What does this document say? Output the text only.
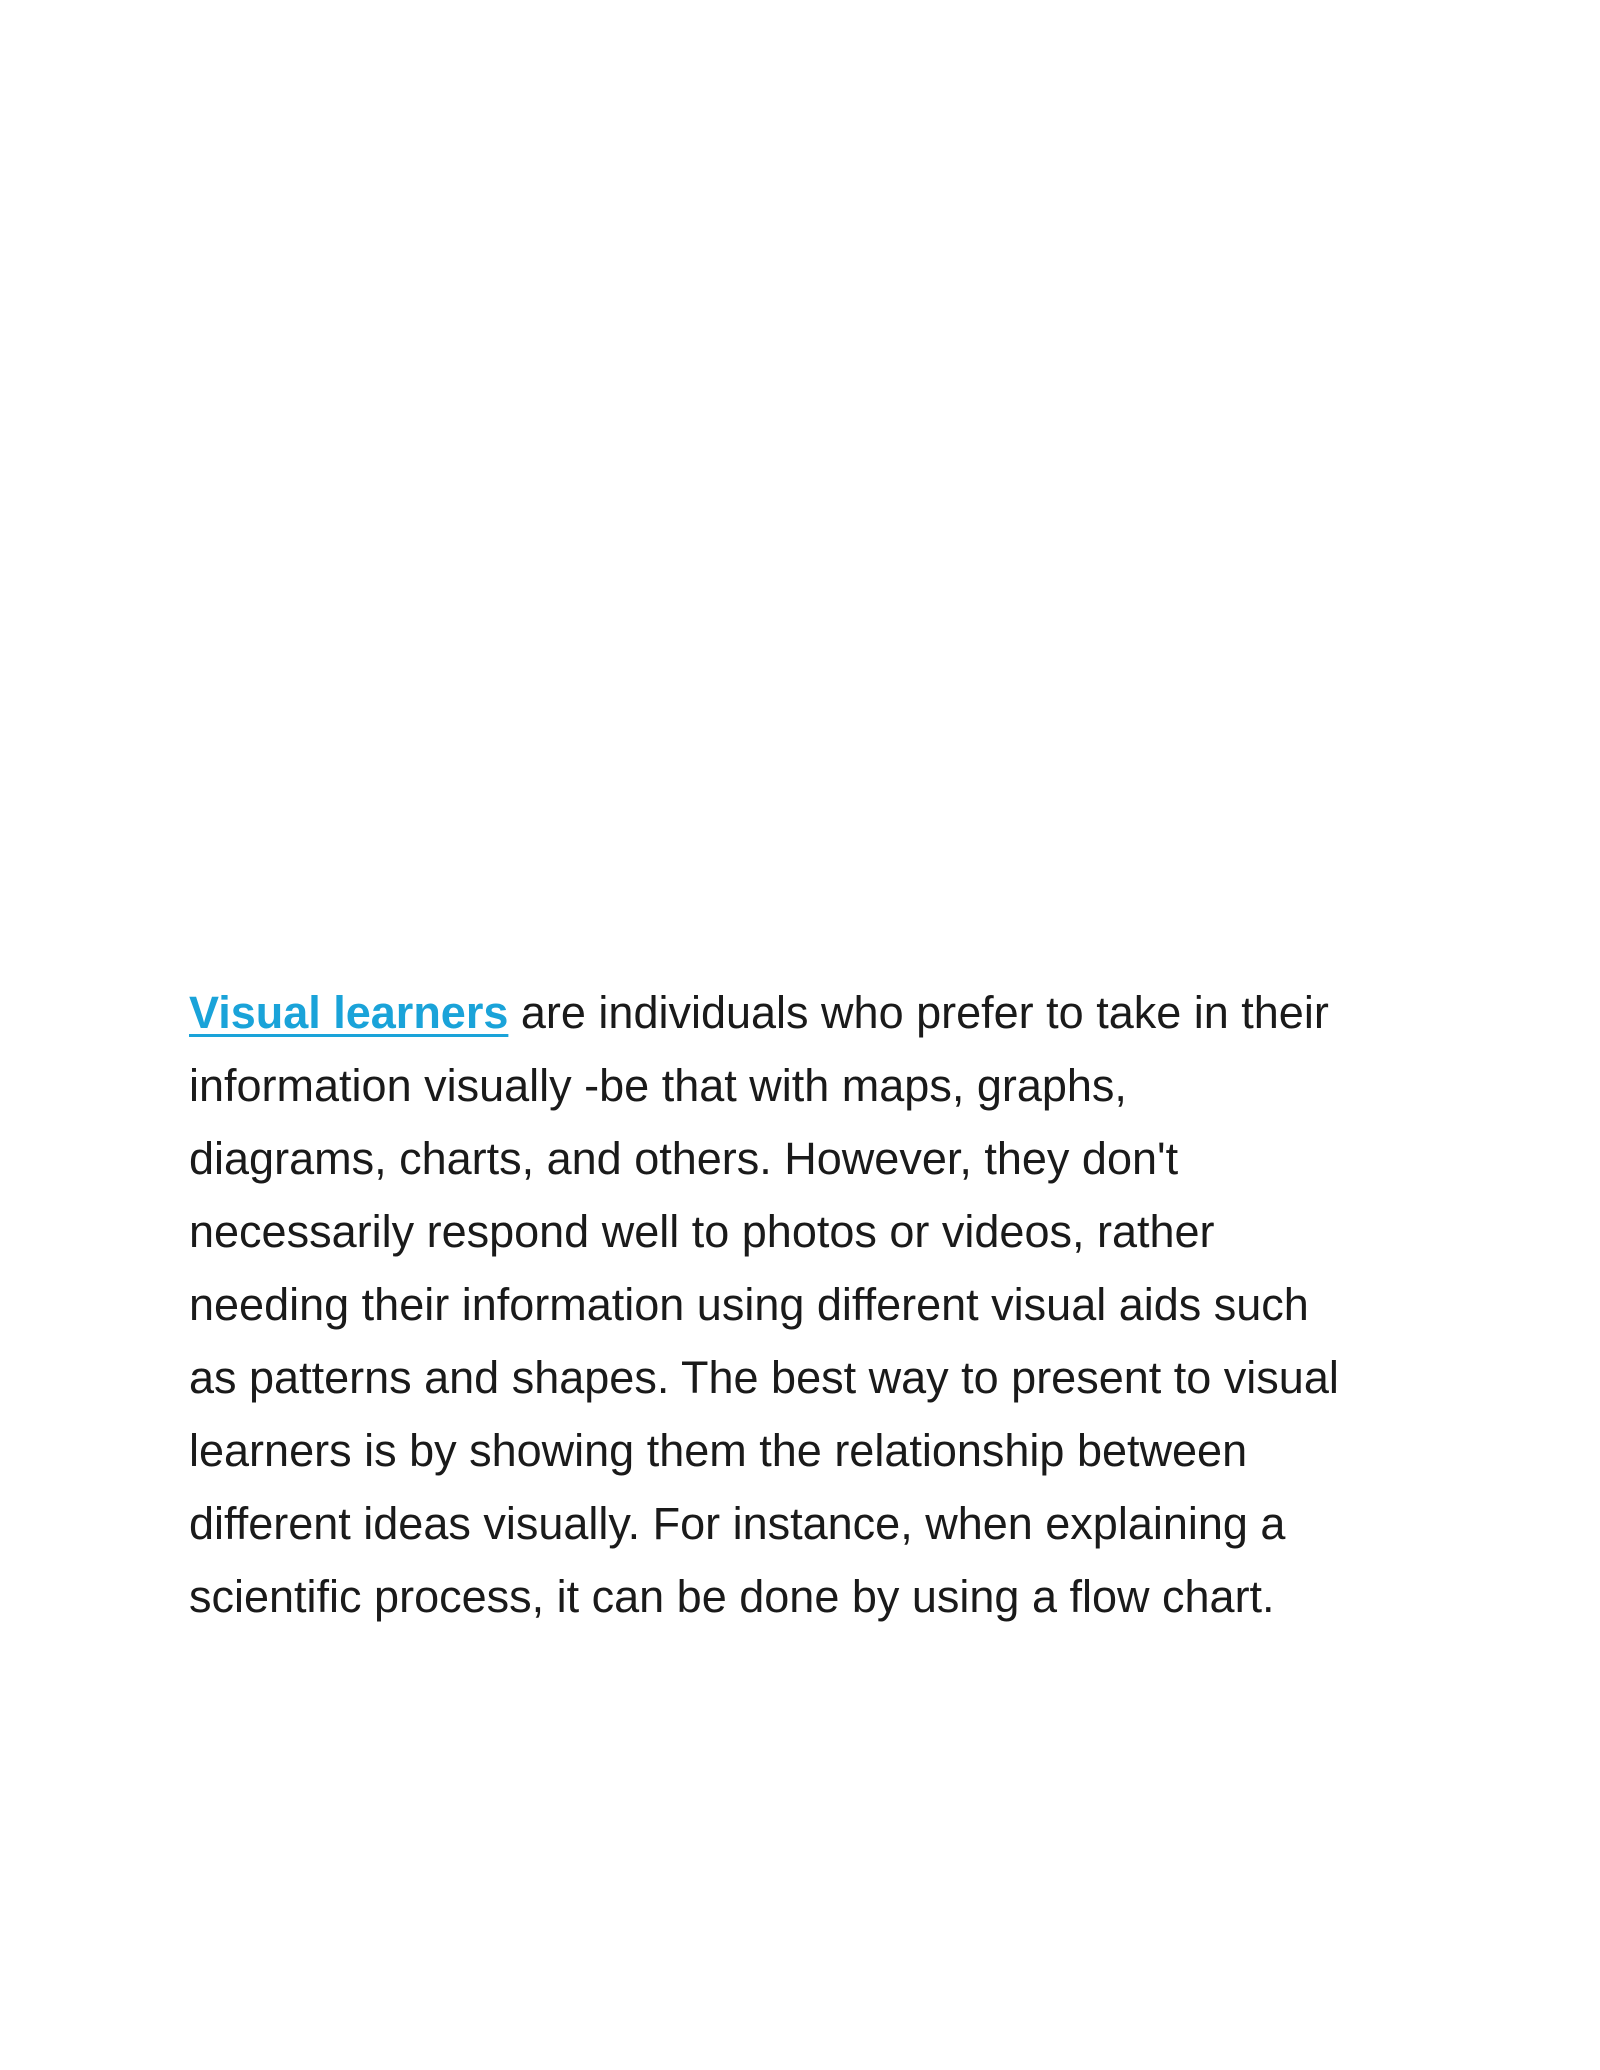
Visual learners are individuals who prefer to take in their
information visually -be that with maps, graphs,
diagrams, charts, and others. However, they don't
necessarily respond well to photos or videos, rather
needing their information using different visual aids such
as patterns and shapes. The best way to present to visual
learners is by showing them the relationship between
different ideas visually. For instance, when explaining a
scientific process, it can be done by using a flow chart.
